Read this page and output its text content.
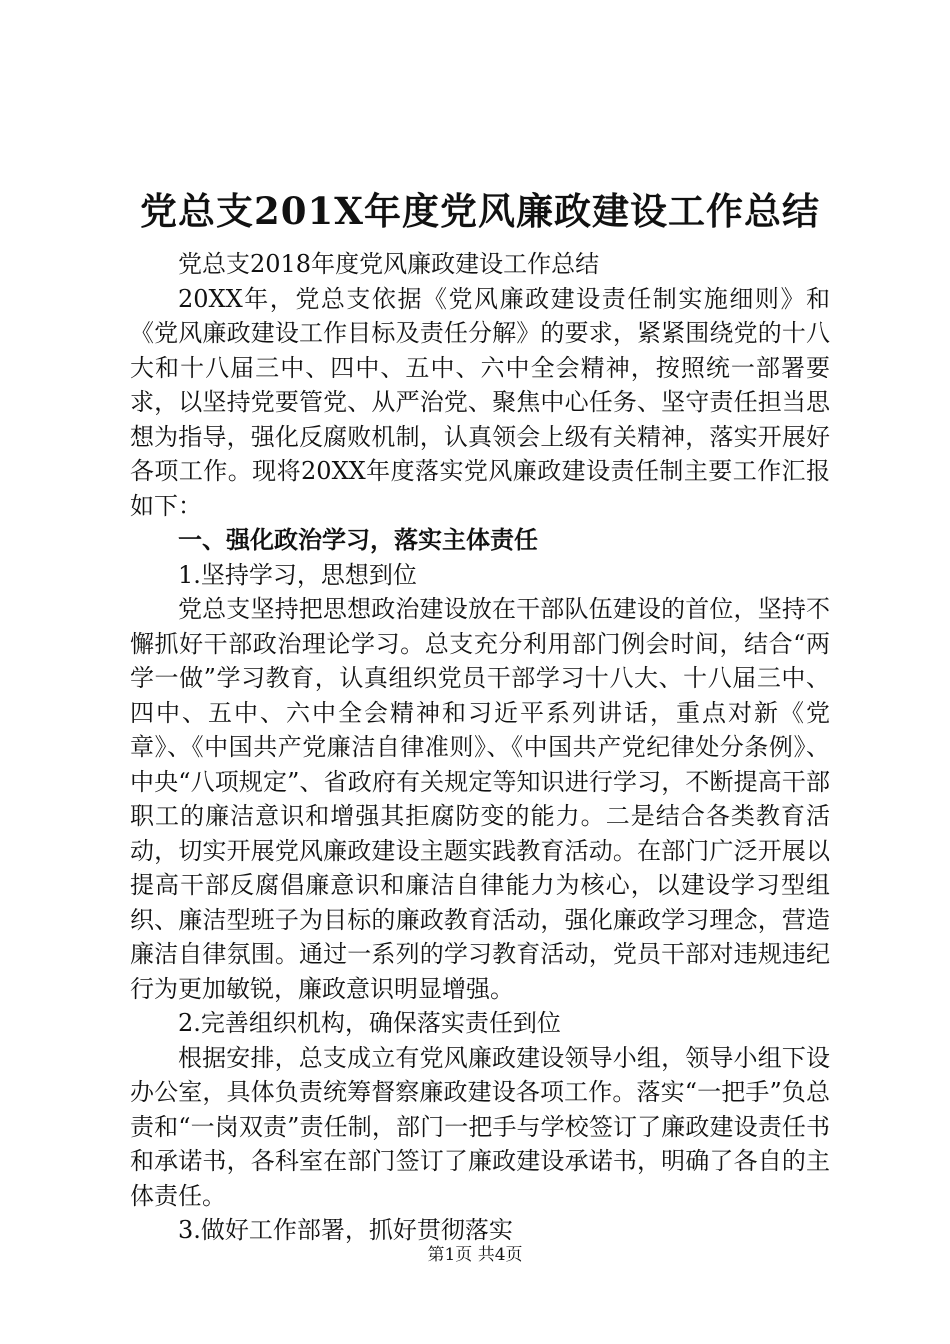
党总支201X年度党风廉政建设工作总结

党总支2018年度党风廉政建设工作总结

20XX年，党总支依据《党风廉政建设责任制实施细则》和《党风廉政建设工作目标及责任分解》的要求，紧紧围绕党的十八大和十八届三中、四中、五中、六中全会精神，按照统一部署要求，以坚持党要管党、从严治党、聚焦中心任务、坚守责任担当思想为指导，强化反腐败机制，认真领会上级有关精神，落实开展好各项工作。现将20XX年度落实党风廉政建设责任制主要工作汇报如下：

一、强化政治学习，落实主体责任

1.坚持学习，思想到位

党总支坚持把思想政治建设放在干部队伍建设的首位，坚持不懈抓好干部政治理论学习。总支充分利用部门例会时间，结合“两学一做”学习教育，认真组织党员干部学习十八大、十八届三中、四中、五中、六中全会精神和习近平系列讲话，重点对新《党章》、《中国共产党廉洁自律准则》、《中国共产党纪律处分条例》、中央“八项规定”、省政府有关规定等知识进行学习，不断提高干部职工的廉洁意识和增强其拒腐防变的能力。二是结合各类教育活动，切实开展党风廉政建设主题实践教育活动。在部门广泛开展以提高干部反腐倡廉意识和廉洁自律能力为核心，以建设学习型组织、廉洁型班子为目标的廉政教育活动，强化廉政学习理念，营造廉洁自律氛围。通过一系列的学习教育活动，党员干部对违规违纪行为更加敏锐，廉政意识明显增强。

2.完善组织机构，确保落实责任到位

根据安排，总支成立有党风廉政建设领导小组，领导小组下设办公室，具体负责统筹督察廉政建设各项工作。落实“一把手”负总责和“一岗双责”责任制，部门一把手与学校签订了廉政建设责任书和承诺书，各科室在部门签订了廉政建设承诺书，明确了各自的主体责任。

3.做好工作部署，抓好贯彻落实

第1页 共4页
